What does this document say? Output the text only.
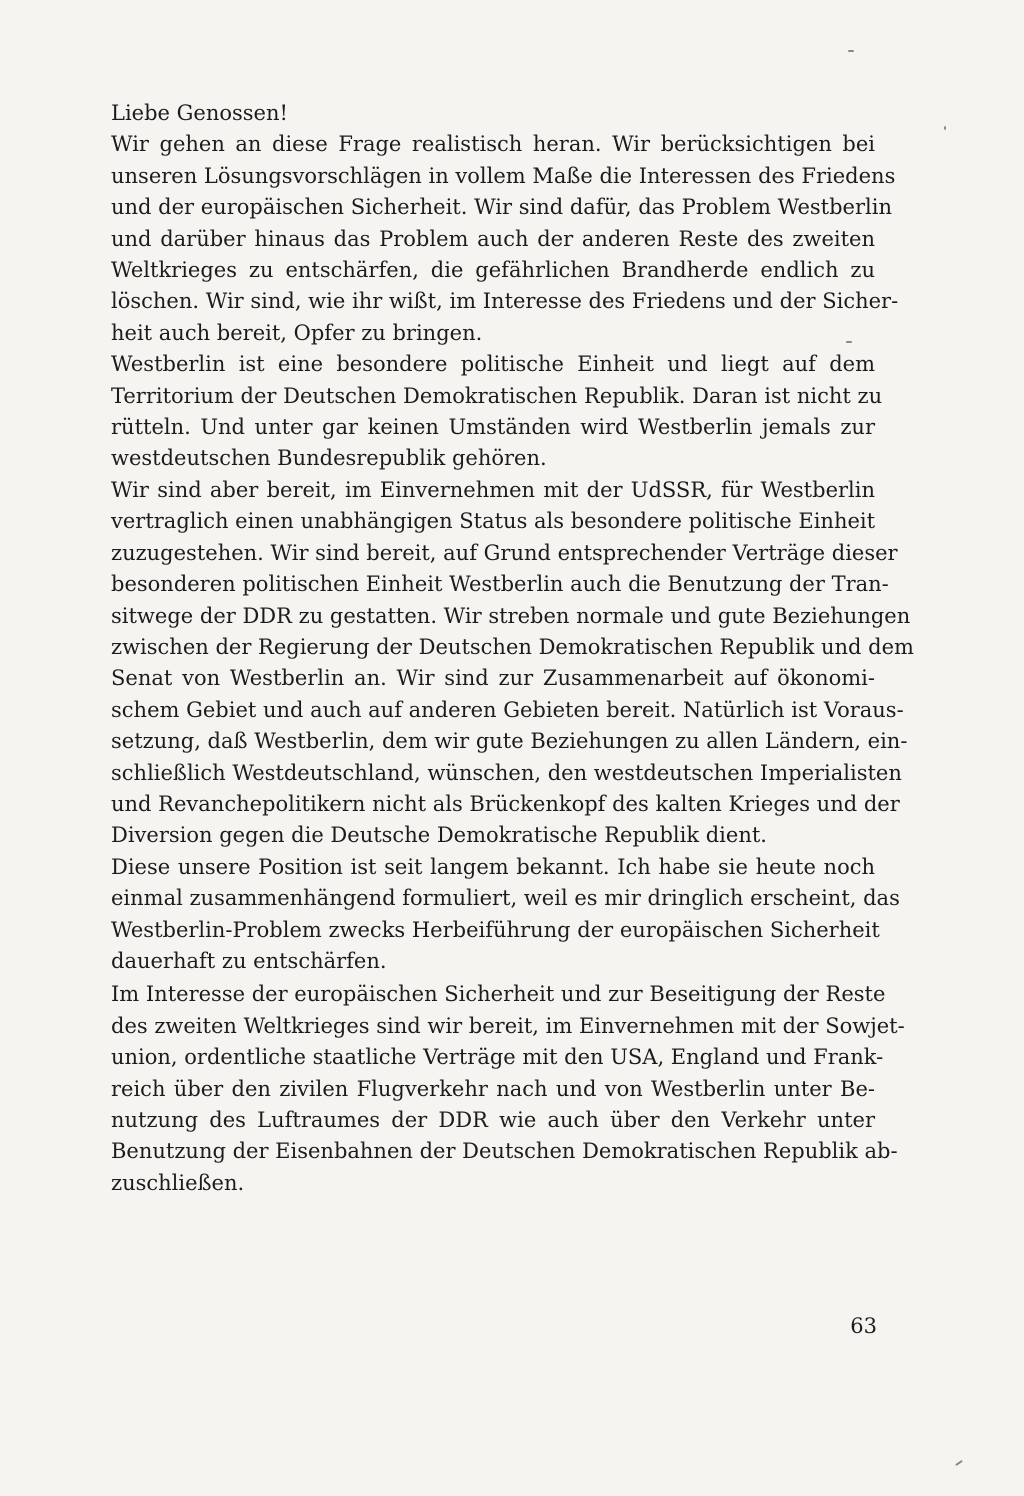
Liebe Genossen!

Wir gehen an diese Frage realistisch heran. Wir berücksichtigen bei
unseren Lösungsvorschlägen in vollem Maße die Interessen des Friedens
und der europäischen Sicherheit. Wir sind dafür, das Problem Westberlin
und darüber hinaus das Problem auch der anderen Reste des zweiten
Weltkrieges zu entschärfen, die gefährlichen Brandherde endlich zu
löschen. Wir sind, wie ihr wißt, im Interesse des Friedens und der Sicher-
heit auch bereit, Opfer zu bringen.

Westberlin ist eine besondere politische Einheit und liegt auf dem
Territorium der Deutschen Demokratischen Republik. Daran ist nicht zu
rütteln. Und unter gar keinen Umständen wird Westberlin jemals zur
westdeutschen Bundesrepublik gehören.

Wir sind aber bereit, im Einvernehmen mit der UdSSR, für Westberlin
vertraglich einen unabhängigen Status als besondere politische Einheit
zuzugestehen. Wir sind bereit, auf Grund entsprechender Verträge dieser
besonderen politischen Einheit Westberlin auch die Benutzung der Tran-
sitwege der DDR zu gestatten. Wir streben normale und gute Beziehungen
zwischen der Regierung der Deutschen Demokratischen Republik und dem
Senat von Westberlin an. Wir sind zur Zusammenarbeit auf ökonomi-
schem Gebiet und auch auf anderen Gebieten bereit. Natürlich ist Voraus-
setzung, daß Westberlin, dem wir gute Beziehungen zu allen Ländern, ein-
schließlich Westdeutschland, wünschen, den westdeutschen Imperialisten
und Revanchepolitikern nicht als Brückenkopf des kalten Krieges und der
Diversion gegen die Deutsche Demokratische Republik dient.

Diese unsere Position ist seit langem bekannt. Ich habe sie heute noch
einmal zusammenhängend formuliert, weil es mir dringlich erscheint, das
Westberlin-Problem zwecks Herbeiführung der europäischen Sicherheit
dauerhaft zu entschärfen.

Im Interesse der europäischen Sicherheit und zur Beseitigung der Reste
des zweiten Weltkrieges sind wir bereit, im Einvernehmen mit der Sowjet-
union, ordentliche staatliche Verträge mit den USA, England und Frank-
reich über den zivilen Flugverkehr nach und von Westberlin unter Be-
nutzung des Luftraumes der DDR wie auch über den Verkehr unter
Benutzung der Eisenbahnen der Deutschen Demokratischen Republik ab-
zuschließen.

63
